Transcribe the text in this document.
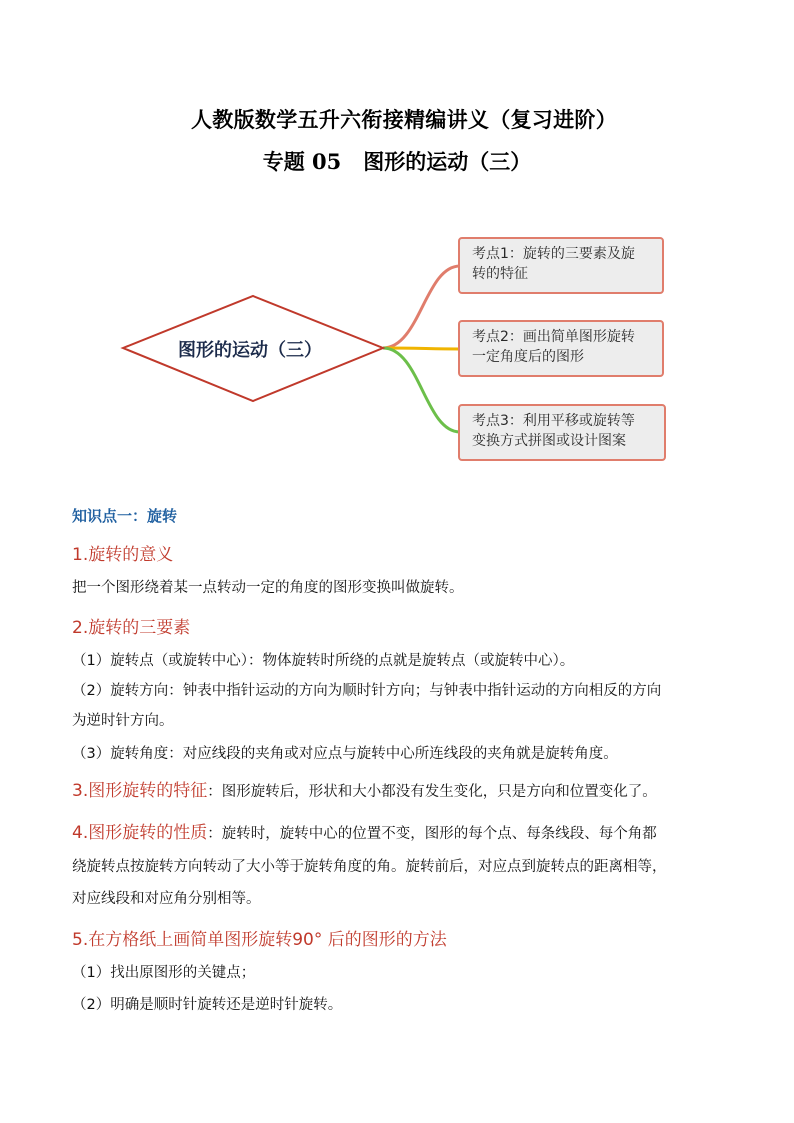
人教版数学五升六衔接精编讲义（复习进阶）
专题 05 图形的运动（三）
图形的运动（三）
考点1：旋转的三要素及旋
转的特征
考点2：画出简单图形旋转
一定角度后的图形
考点3：利用平移或旋转等
变换方式拼图或设计图案
知识点一：旋转
1.旋转的意义
把一个图形绕着某一点转动一定的角度的图形变换叫做旋转。
2.旋转的三要素
（1）旋转点（或旋转中心）：物体旋转时所绕的点就是旋转点（或旋转中心）。
（2）旋转方向：钟表中指针运动的方向为顺时针方向；与钟表中指针运动的方向相反的方向
为逆时针方向。
（3）旋转角度：对应线段的夹角或对应点与旋转中心所连线段的夹角就是旋转角度。
3.图形旋转的特征：图形旋转后，形状和大小都没有发生变化，只是方向和位置变化了。
4.图形旋转的性质：旋转时，旋转中心的位置不变，图形的每个点、每条线段、每个角都
绕旋转点按旋转方向转动了大小等于旋转角度的角。旋转前后，对应点到旋转点的距离相等，
对应线段和对应角分别相等。
5.在方格纸上画简单图形旋转90° 后的图形的方法
（1）找出原图形的关键点；
（2）明确是顺时针旋转还是逆时针旋转。
